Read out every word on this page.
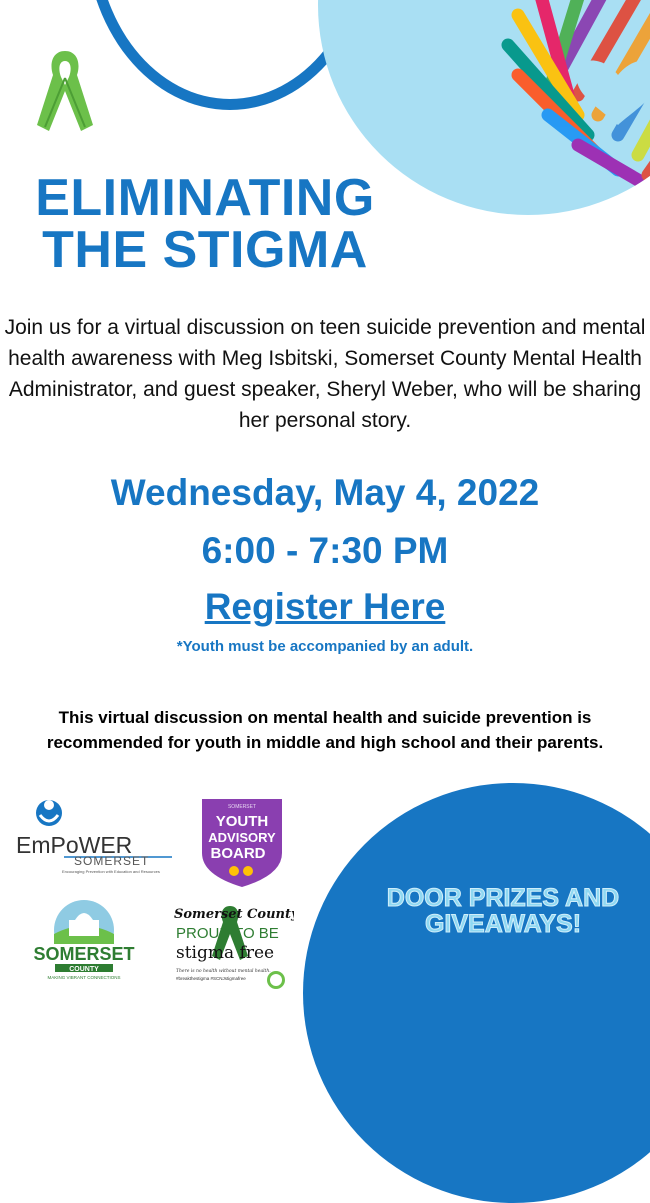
ELIMINATING
THE STIGMA
Join us for a virtual discussion on teen suicide prevention and mental health awareness with Meg Isbitski, Somerset County Mental Health Administrator, and guest speaker, Sheryl Weber, who will be sharing her personal story.
Wednesday, May 4, 2022
6:00 - 7:30 PM
Register Here
*Youth must be accompanied by an adult.
This virtual discussion on mental health and suicide prevention is recommended for youth in middle and high school and their parents.
DOOR PRIZES AND
GIVEAWAYS!
EmPoWER
SOMERSET
Encouraging Prevention with Education and Resources
SOMERSET
YOUTH
ADVISORY
BOARD
SOMERSET
COUNTY
MAKING VIBRANT CONNECTIONS
Somerset County
PROUD TO BE
stigma free
There is no health without mental health.
#breakthestigma #SCNJstigmafree
